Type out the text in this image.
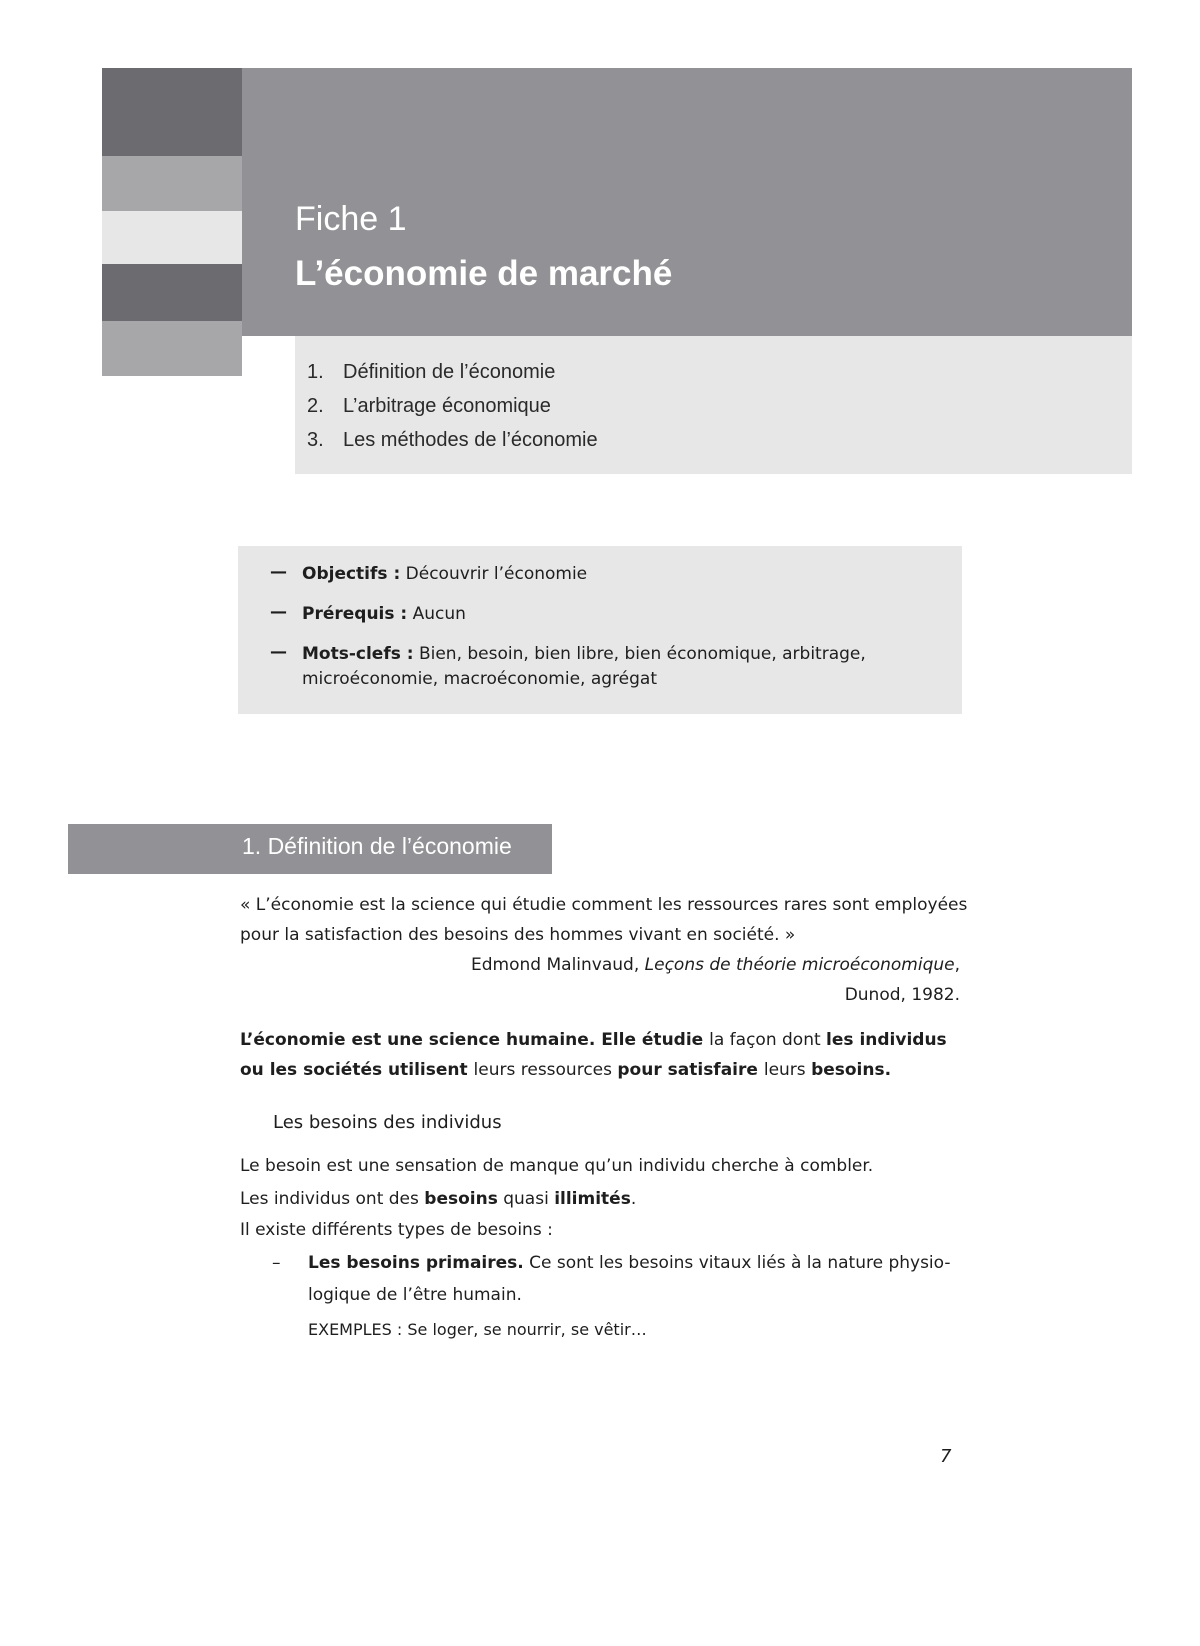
Fiche 1
L’économie de marché
1. Définition de l’économie
2. L’arbitrage économique
3. Les méthodes de l’économie
— Objectifs : Découvrir l’économie
— Prérequis : Aucun
— Mots-clefs : Bien, besoin, bien libre, bien économique, arbitrage, microéconomie, macroéconomie, agrégat
1. Définition de l’économie
« L’économie est la science qui étudie comment les ressources rares sont employées
pour la satisfaction des besoins des hommes vivant en société. »
Edmond Malinvaud, Leçons de théorie microéconomique,
Dunod, 1982.
L’économie est une science humaine. Elle étudie la façon dont les individus
ou les sociétés utilisent leurs ressources pour satisfaire leurs besoins.
Les besoins des individus
Le besoin est une sensation de manque qu’un individu cherche à combler.
Les individus ont des besoins quasi illimités.
Il existe différents types de besoins :
– Les besoins primaires. Ce sont les besoins vitaux liés à la nature physio-
logique de l’être humain.
EXEMPLES : Se loger, se nourrir, se vêtir…
7
